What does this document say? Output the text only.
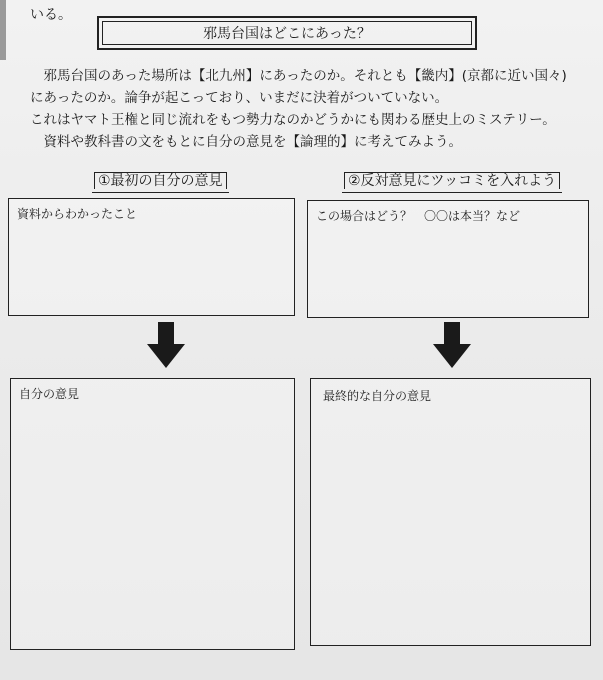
いる。
邪馬台国はどこにあった？
　邪馬台国のあった場所は【北九州】にあったのか。それとも【畿内】(京都に近い国々)
にあったのか。論争が起こっており、いまだに決着がついていない。
これはヤマト王権と同じ流れをもつ勢力なのかどうかにも関わる歴史上のミステリー。
　資料や教科書の文をもとに自分の意見を【論理的】に考えてみよう。
①最初の自分の意見	②反対意見にツッコミを入れよう
資料からわかったこと	この場合はどう？　〇〇は本当？など
自分の意見	最終的な自分の意見
